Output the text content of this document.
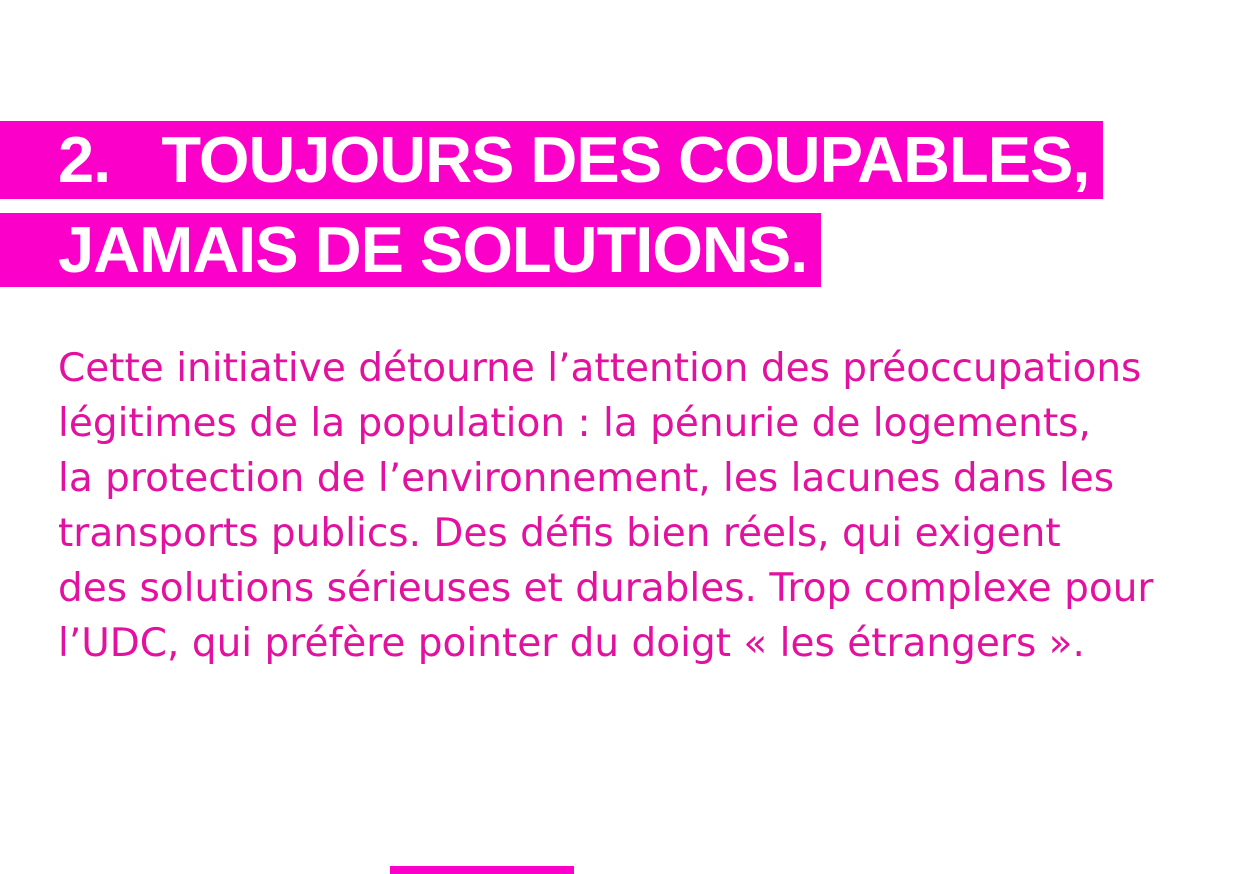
2.   TOUJOURS DES COUPABLES,
JAMAIS DE SOLUTIONS.
Cette initiative détourne l’attention des préoccupations
légitimes de la population : la pénurie de logements,
la protection de l’environnement, les lacunes dans les
transports publics. Des défis bien réels, qui exigent
des solutions sérieuses et durables. Trop complexe pour
l’UDC, qui préfère pointer du doigt « les étrangers ».
